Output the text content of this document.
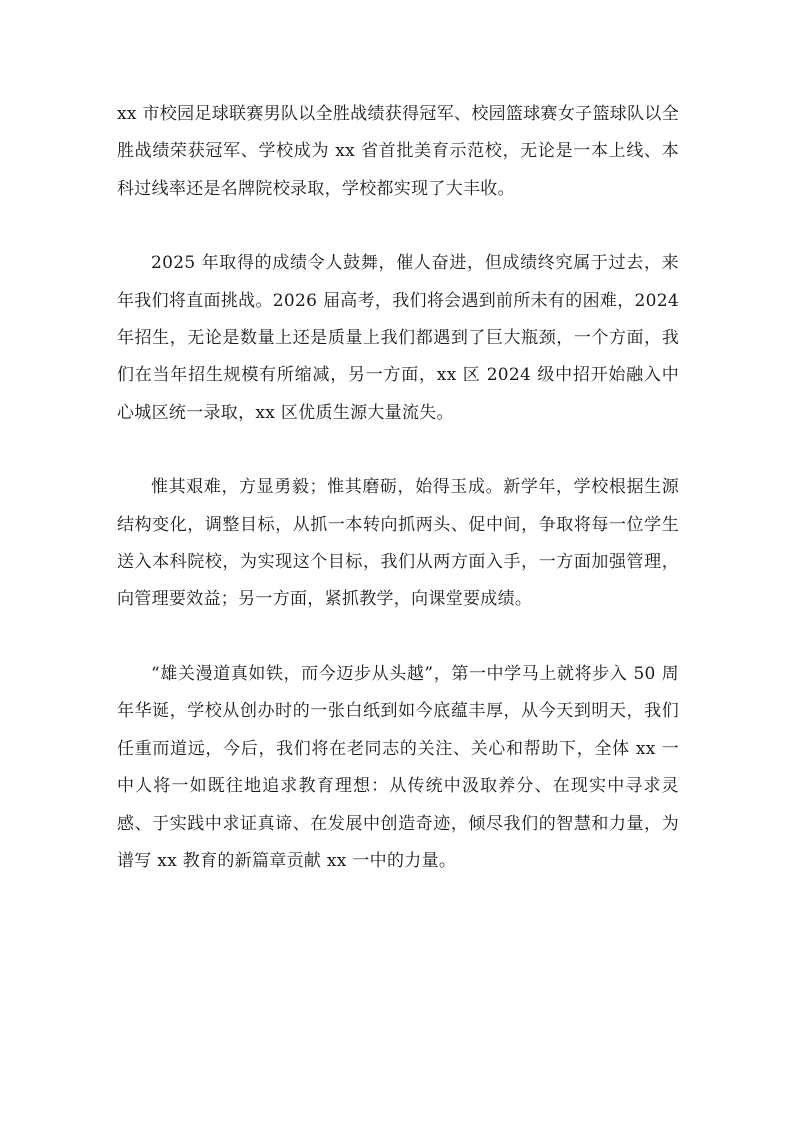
xx 市校园足球联赛男队以全胜战绩获得冠军、校园篮球赛女子篮球队以全胜战绩荣获冠军、学校成为 xx 省首批美育示范校，无论是一本上线、本科过线率还是名牌院校录取，学校都实现了大丰收。

2025 年取得的成绩令人鼓舞，催人奋进，但成绩终究属于过去，来年我们将直面挑战。2026 届高考，我们将会遇到前所未有的困难，2024 年招生，无论是数量上还是质量上我们都遇到了巨大瓶颈，一个方面，我们在当年招生规模有所缩减，另一方面，xx 区 2024 级中招开始融入中心城区统一录取，xx 区优质生源大量流失。

惟其艰难，方显勇毅；惟其磨砺，始得玉成。新学年，学校根据生源结构变化，调整目标，从抓一本转向抓两头、促中间，争取将每一位学生送入本科院校，为实现这个目标，我们从两方面入手，一方面加强管理，向管理要效益；另一方面，紧抓教学，向课堂要成绩。

“雄关漫道真如铁，而今迈步从头越”，第一中学马上就将步入 50 周年华诞，学校从创办时的一张白纸到如今底蕴丰厚，从今天到明天，我们任重而道远，今后，我们将在老同志的关注、关心和帮助下，全体 xx 一中人将一如既往地追求教育理想：从传统中汲取养分、在现实中寻求灵感、于实践中求证真谛、在发展中创造奇迹，倾尽我们的智慧和力量，为谱写 xx 教育的新篇章贡献 xx 一中的力量。
